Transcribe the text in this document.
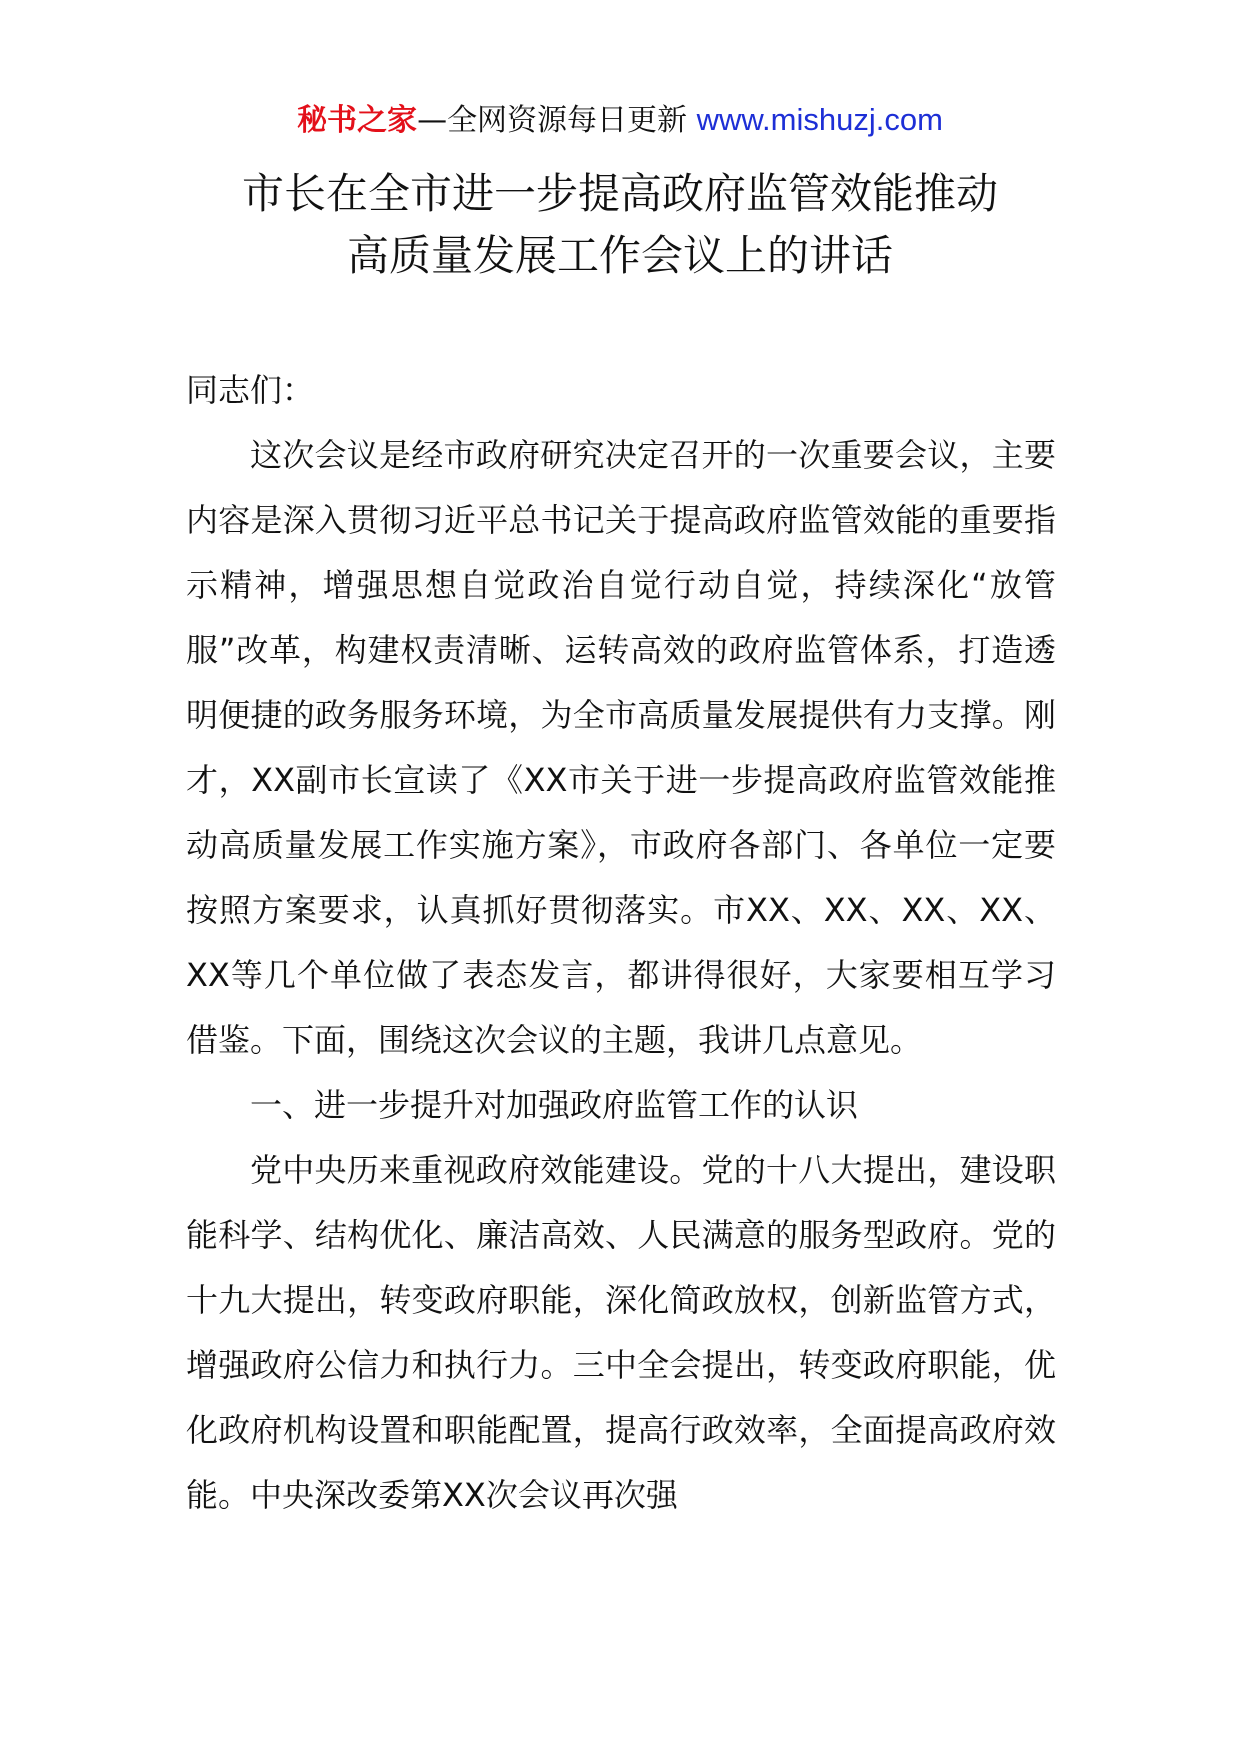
秘书之家—全网资源每日更新 www.mishuzj.com
市长在全市进一步提高政府监管效能推动
高质量发展工作会议上的讲话

同志们：

这次会议是经市政府研究决定召开的一次重要会议，主要内容是深入贯彻习近平总书记关于提高政府监管效能的重要指示精神，增强思想自觉政治自觉行动自觉，持续深化“放管服”改革，构建权责清晰、运转高效的政府监管体系，打造透明便捷的政务服务环境，为全市高质量发展提供有力支撑。刚才，XX副市长宣读了《XX市关于进一步提高政府监管效能推动高质量发展工作实施方案》，市政府各部门、各单位一定要按照方案要求，认真抓好贯彻落实。市XX、XX、XX、XX、XX等几个单位做了表态发言，都讲得很好，大家要相互学习借鉴。下面，围绕这次会议的主题，我讲几点意见。

一、进一步提升对加强政府监管工作的认识

党中央历来重视政府效能建设。党的十八大提出，建设职能科学、结构优化、廉洁高效、人民满意的服务型政府。党的十九大提出，转变政府职能，深化简政放权，创新监管方式，增强政府公信力和执行力。三中全会提出，转变政府职能，优化政府机构设置和职能配置，提高行政效率，全面提高政府效能。中央深改委第XX次会议再次强
